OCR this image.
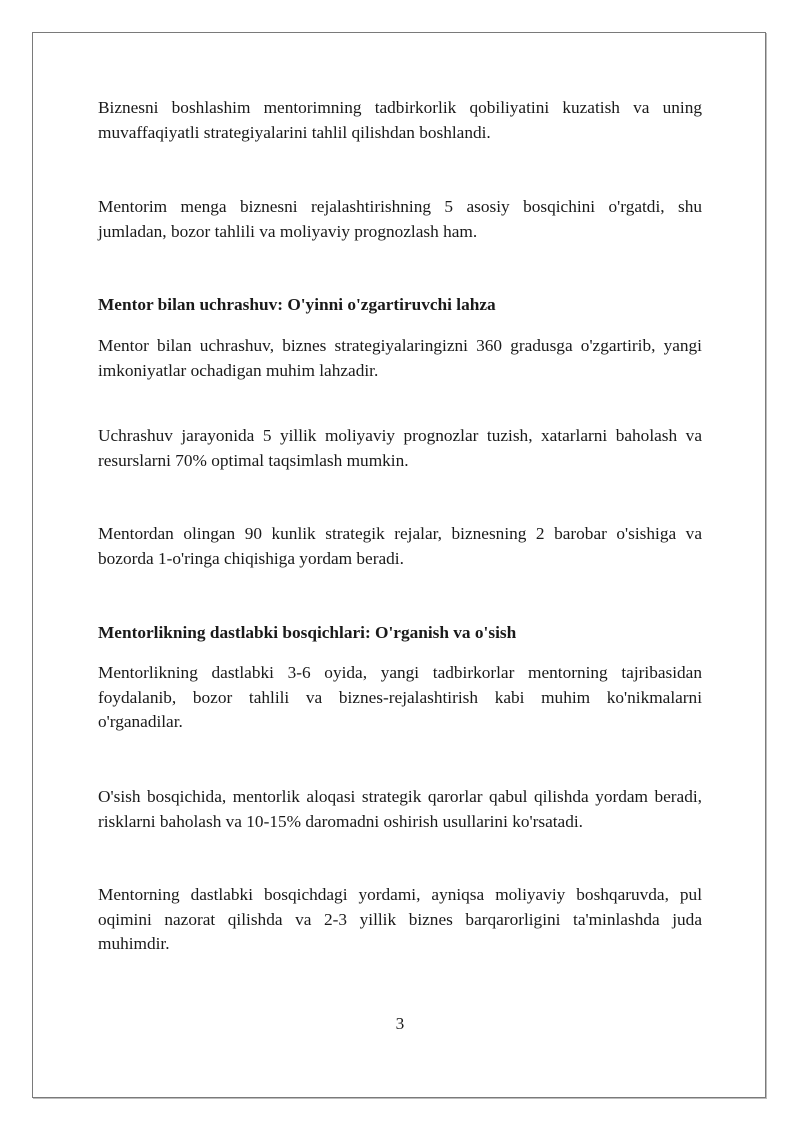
Biznesni boshlashim mentorimning tadbirkorlik qobiliyatini kuzatish va uning muvaffaqiyatli strategiyalarini tahlil qilishdan boshlandi.

Mentorim menga biznesni rejalashtirishning 5 asosiy bosqichini o'rgatdi, shu jumladan, bozor tahlili va moliyaviy prognozlash ham.

Mentor bilan uchrashuv: O'yinni o'zgartiruvchi lahza

Mentor bilan uchrashuv, biznes strategiyalaringizni 360 gradusga o'zgartirib, yangi imkoniyatlar ochadigan muhim lahzadir.

Uchrashuv jarayonida 5 yillik moliyaviy prognozlar tuzish, xatarlarni baholash va resurslarni 70% optimal taqsimlash mumkin.

Mentordan olingan 90 kunlik strategik rejalar, biznesning 2 barobar o'sishiga va bozorda 1-o'ringa chiqishiga yordam beradi.

Mentorlikning dastlabki bosqichlari: O'rganish va o'sish

Mentorlikning dastlabki 3-6 oyida, yangi tadbirkorlar mentorning tajribasidan foydalanib, bozor tahlili va biznes-rejalashtirish kabi muhim ko'nikmalarni o'rganadilar.

O'sish bosqichida, mentorlik aloqasi strategik qarorlar qabul qilishda yordam beradi, risklarni baholash va 10-15% daromadni oshirish usullarini ko'rsatadi.

Mentorning dastlabki bosqichdagi yordami, ayniqsa moliyaviy boshqaruvda, pul oqimini nazorat qilishda va 2-3 yillik biznes barqarorligini ta'minlashda juda muhimdir.

3
